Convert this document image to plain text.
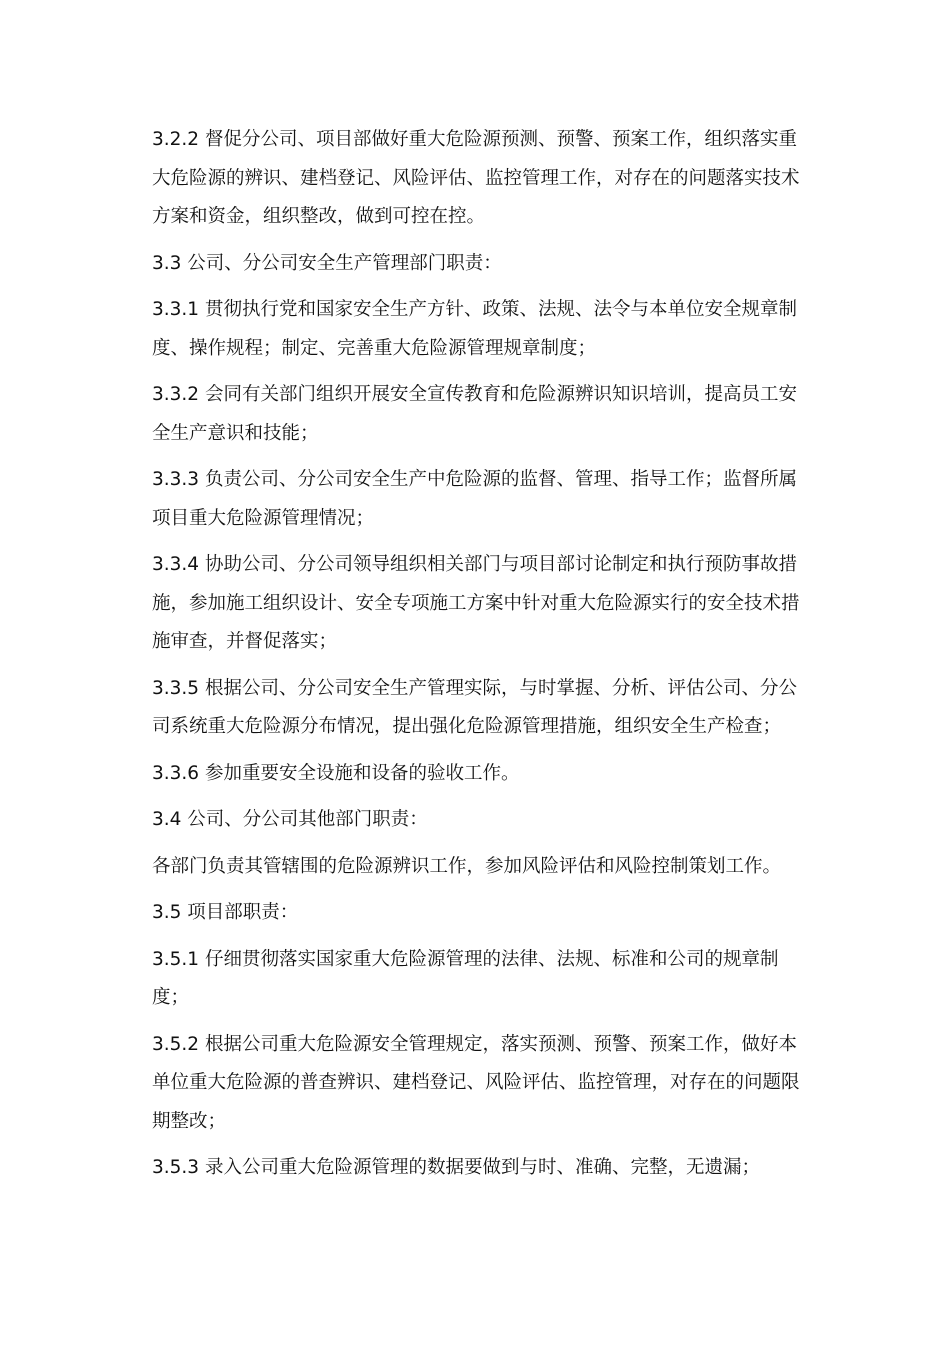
3.2.2 督促分公司、项目部做好重大危险源预测、预警、预案工作，组织落实重大危险源的辨识、建档登记、风险评估、监控管理工作，对存在的问题落实技术方案和资金，组织整改，做到可控在控。

3.3 公司、分公司安全生产管理部门职责：

3.3.1 贯彻执行党和国家安全生产方针、政策、法规、法令与本单位安全规章制度、操作规程；制定、完善重大危险源管理规章制度；

3.3.2 会同有关部门组织开展安全宣传教育和危险源辨识知识培训，提高员工安全生产意识和技能；

3.3.3 负责公司、分公司安全生产中危险源的监督、管理、指导工作；监督所属项目重大危险源管理情况；

3.3.4 协助公司、分公司领导组织相关部门与项目部讨论制定和执行预防事故措施，参加施工组织设计、安全专项施工方案中针对重大危险源实行的安全技术措施审查，并督促落实；

3.3.5 根据公司、分公司安全生产管理实际，与时掌握、分析、评估公司、分公司系统重大危险源分布情况，提出强化危险源管理措施，组织安全生产检查；

3.3.6 参加重要安全设施和设备的验收工作。

3.4 公司、分公司其他部门职责：

各部门负责其管辖围的危险源辨识工作，参加风险评估和风险控制策划工作。

3.5 项目部职责：

3.5.1 仔细贯彻落实国家重大危险源管理的法律、法规、标准和公司的规章制度；

3.5.2 根据公司重大危险源安全管理规定，落实预测、预警、预案工作，做好本单位重大危险源的普查辨识、建档登记、风险评估、监控管理，对存在的问题限期整改；

3.5.3 录入公司重大危险源管理的数据要做到与时、准确、完整，无遗漏；
